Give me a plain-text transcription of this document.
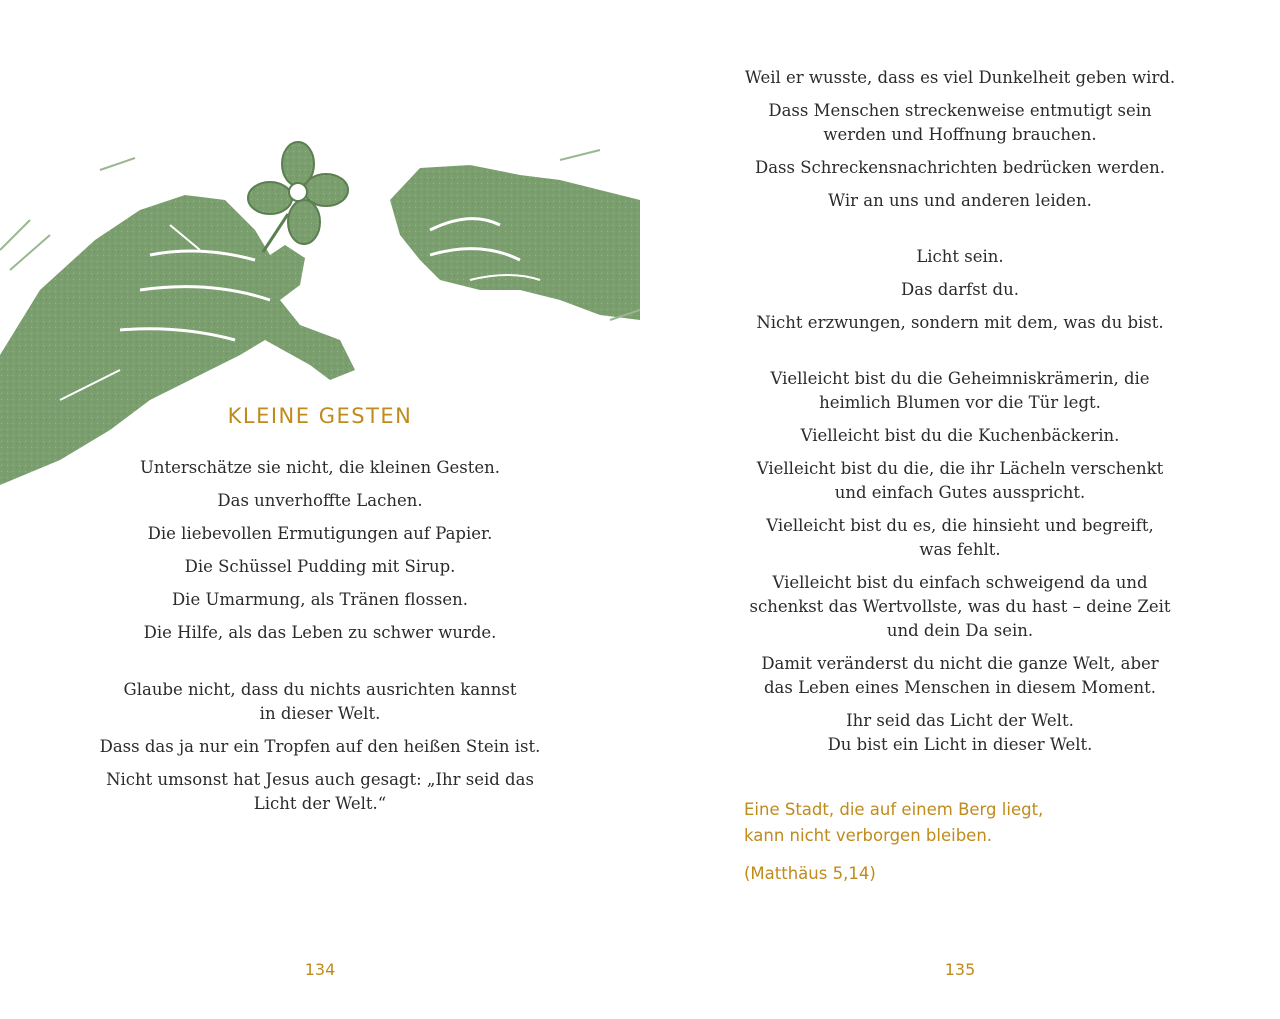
KLEINE GESTEN

Unterschätze sie nicht, die kleinen Gesten.

Das unverhoffte Lachen.

Die liebevollen Ermutigungen auf Papier.

Die Schüssel Pudding mit Sirup.

Die Umarmung, als Tränen flossen.

Die Hilfe, als das Leben zu schwer wurde.

Glaube nicht, dass du nichts ausrichten kannst
in dieser Welt.

Dass das ja nur ein Tropfen auf den heißen Stein ist.

Nicht umsonst hat Jesus auch gesagt: „Ihr seid das
Licht der Welt.“

134

Weil er wusste, dass es viel Dunkelheit geben wird.

Dass Menschen streckenweise entmutigt sein
werden und Hoffnung brauchen.

Dass Schreckensnachrichten bedrücken werden.

Wir an uns und anderen leiden.

Licht sein.

Das darfst du.

Nicht erzwungen, sondern mit dem, was du bist.

Vielleicht bist du die Geheimniskrämerin, die
heimlich Blumen vor die Tür legt.

Vielleicht bist du die Kuchenbäckerin.

Vielleicht bist du die, die ihr Lächeln verschenkt
und einfach Gutes ausspricht.

Vielleicht bist du es, die hinsieht und begreift,
was fehlt.

Vielleicht bist du einfach schweigend da und
schenkst das Wertvollste, was du hast – deine Zeit
und dein Da sein.

Damit veränderst du nicht die ganze Welt, aber
das Leben eines Menschen in diesem Moment.

Ihr seid das Licht der Welt.
Du bist ein Licht in dieser Welt.

Eine Stadt, die auf einem Berg liegt,
kann nicht verborgen bleiben.
(Matthäus 5,14)
135
